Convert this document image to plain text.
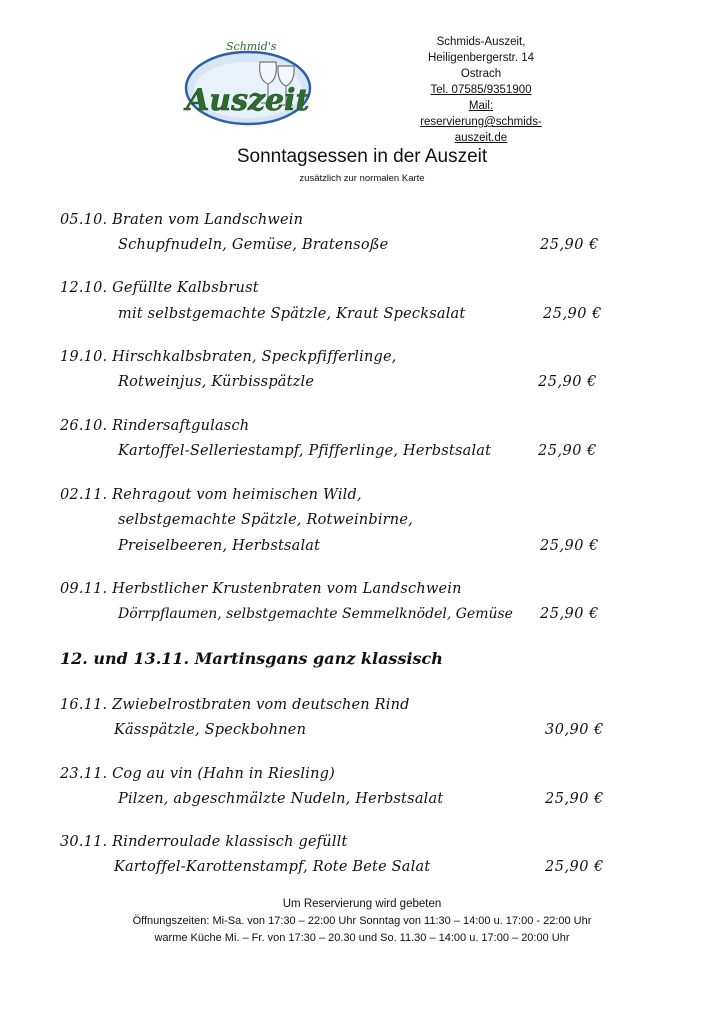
Schmid's
Auszeit
Schmids-Auszeit,
Heiligenbergerstr. 14
Ostrach
Tel. 07585/9351900
Mail:
reservierung@schmids-auszeit.de
Sonntagsessen in der Auszeit
zusätzlich zur normalen Karte
05.10. Braten vom Landschwein
Schupfnudeln, Gemüse, Bratensoße	25,90 €
12.10. Gefüllte Kalbsbrust
mit selbstgemachte Spätzle, Kraut Specksalat	25,90 €
19.10. Hirschkalbsbraten, Speckpfifferlinge,
Rotweinjus, Kürbisspätzle	25,90 €
26.10. Rindersaftgulasch
Kartoffel-Selleriestampf, Pfifferlinge, Herbstsalat	25,90 €
02.11. Rehragout vom heimischen Wild,
selbstgemachte Spätzle, Rotweinbirne,
Preiselbeeren, Herbstsalat	25,90 €
09.11. Herbstlicher Krustenbraten vom Landschwein
Dörrpflaumen, selbstgemachte Semmelknödel, Gemüse 25,90 €
12. und 13.11. Martinsgans ganz klassisch
16.11. Zwiebelrostbraten vom deutschen Rind
Kässpätzle, Speckbohnen	30,90 €
23.11. Cog au vin (Hahn in Riesling)
Pilzen, abgeschmälzte Nudeln, Herbstsalat	25,90 €
30.11. Rinderroulade klassisch gefüllt
Kartoffel-Karottenstampf, Rote Bete Salat	25,90 €
Um Reservierung wird gebeten
Öffnungszeiten: Mi-Sa. von 17:30 – 22:00 Uhr Sonntag von 11:30 – 14:00 u. 17:00 - 22:00 Uhr
warme Küche Mi. – Fr. von 17:30 – 20.30 und So. 11.30 – 14:00 u. 17:00 – 20:00 Uhr
